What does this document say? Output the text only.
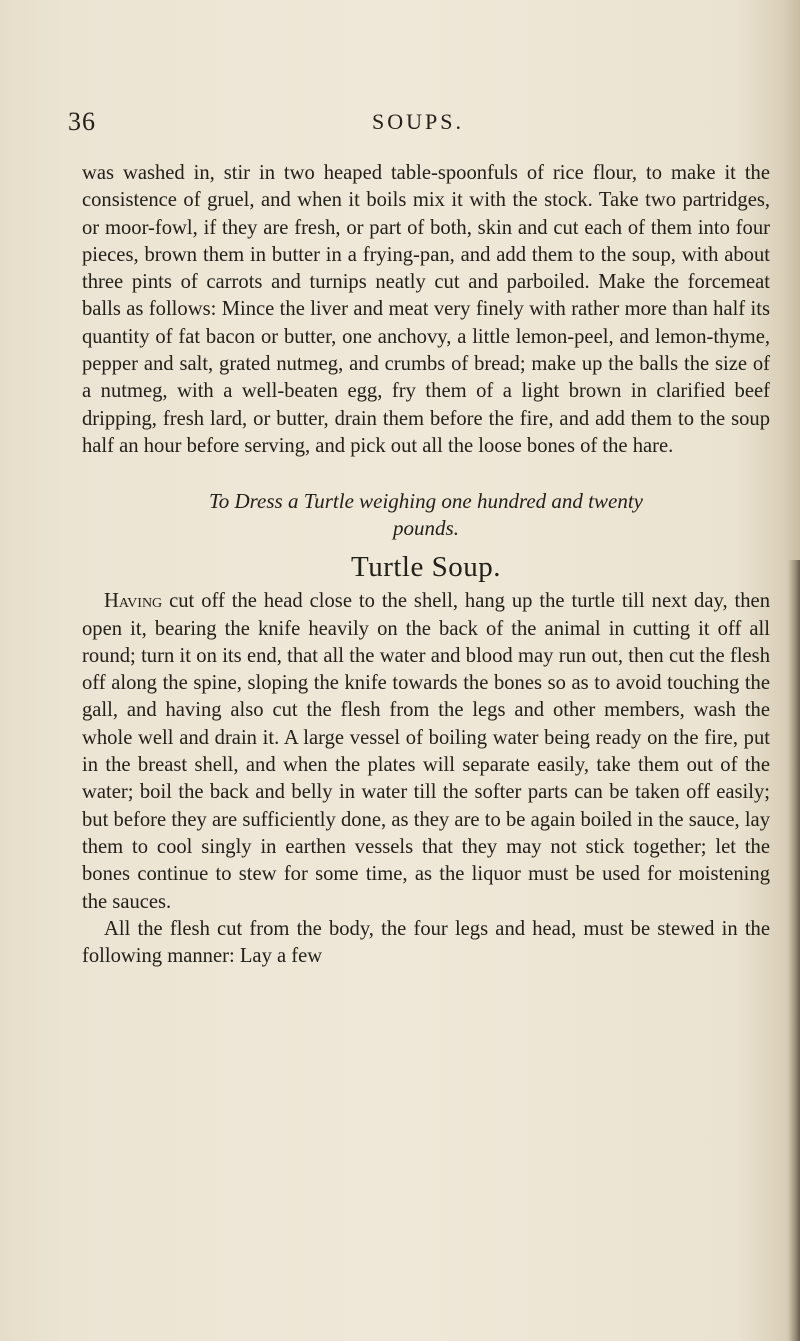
36	SOUPS.

was washed in, stir in two heaped table-spoonfuls of rice flour, to make it the consistence of gruel, and when it boils mix it with the stock. Take two partridges, or moor-fowl, if they are fresh, or part of both, skin and cut each of them into four pieces, brown them in butter in a frying-pan, and add them to the soup, with about three pints of carrots and turnips neatly cut and parboiled. Make the forcemeat balls as follows: Mince the liver and meat very finely with rather more than half its quantity of fat bacon or butter, one anchovy, a little lemon-peel, and lemon-thyme, pepper and salt, grated nutmeg, and crumbs of bread; make up the balls the size of a nutmeg, with a well-beaten egg, fry them of a light brown in clarified beef dripping, fresh lard, or butter, drain them before the fire, and add them to the soup half an hour before serving, and pick out all the loose bones of the hare.

To Dress a Turtle weighing one hundred and twenty
pounds.

Turtle Soup.

Having cut off the head close to the shell, hang up the turtle till next day, then open it, bearing the knife heavily on the back of the animal in cutting it off all round; turn it on its end, that all the water and blood may run out, then cut the flesh off along the spine, sloping the knife towards the bones so as to avoid touching the gall, and having also cut the flesh from the legs and other members, wash the whole well and drain it. A large vessel of boiling water being ready on the fire, put in the breast shell, and when the plates will separate easily, take them out of the water; boil the back and belly in water till the softer parts can be taken off easily; but before they are sufficiently done, as they are to be again boiled in the sauce, lay them to cool singly in earthen vessels that they may not stick together; let the bones continue to stew for some time, as the liquor must be used for moistening the sauces.

All the flesh cut from the body, the four legs and head, must be stewed in the following manner: Lay a few
